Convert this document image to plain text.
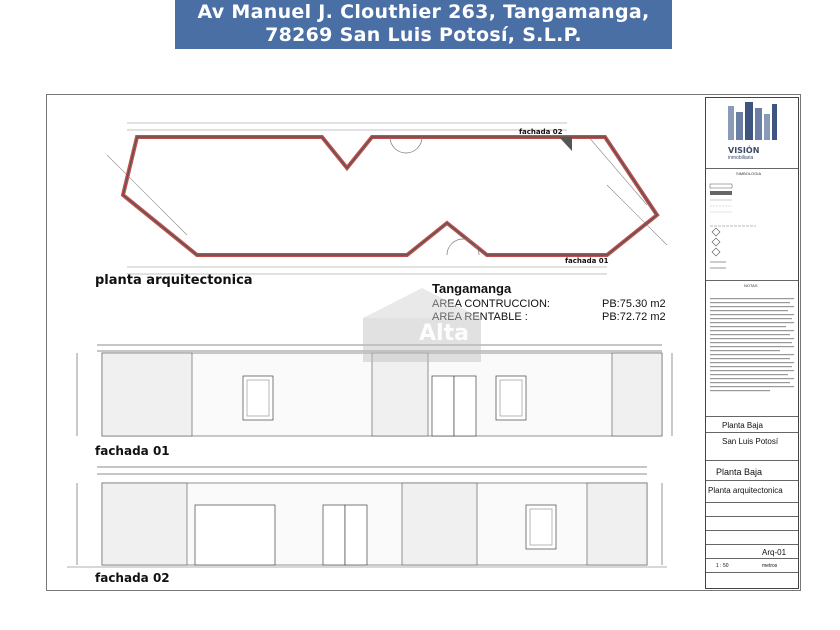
Av Manuel J. Clouthier 263, Tangamanga,
78269 San Luis Potosí, S.L.P.
planta arquitectonica
fachada 02
fachada 01
Tangamanga
AREA CONTRUCCION:	PB:75.30 m2
AREA RENTABLE :	PB:72.72 m2
Alta
fachada 01
fachada 02
VISIÓN
inmobiliaria
SIMBOLOGIA
NOTAS
Planta Baja
San Luis Potosí
Planta Baja
Planta arquitectonica
Arq-01
1 : 50	metros
